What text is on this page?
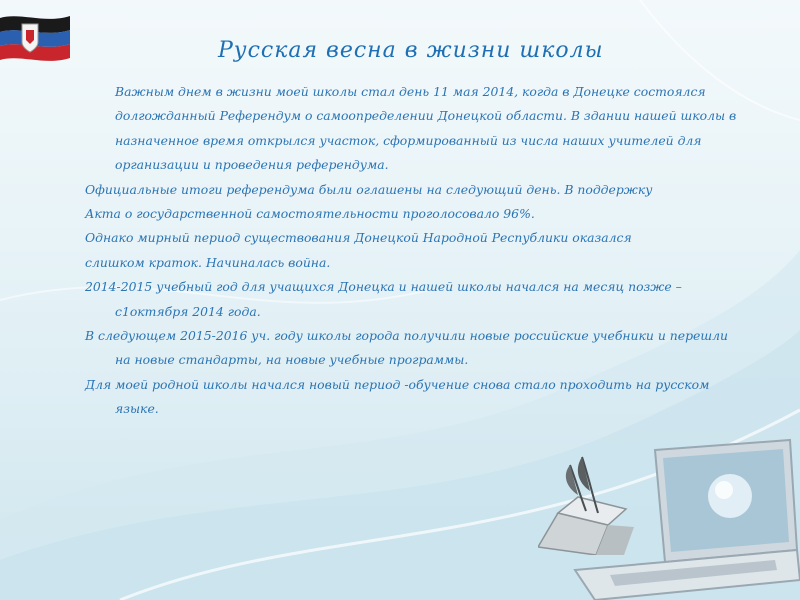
Русская весна в жизни школы

Важным днем в жизни моей школы стал день 11 мая 2014, когда в Донецке состоялся долгожданный Референдум о самоопределении Донецкой области. В здании нашей школы в назначенное время открылся участок, сформированный из числа наших учителей для организации и проведения референдума.

Официальные итоги референдума были оглашены на следующий день. В поддержку

Акта о государственной самостоятельности проголосовало 96%.

Однако мирный период существования Донецкой Народной Республики оказался

слишком краток. Начиналась война.

2014-2015 учебный год для учащихся Донецка и нашей школы начался на месяц позже – с1октября 2014 года.

В следующем 2015-2016 уч. году школы города получили новые российские учебники и перешли на новые стандарты, на новые учебные программы.

Для моей родной школы начался новый период -обучение снова стало проходить на русском языке.
